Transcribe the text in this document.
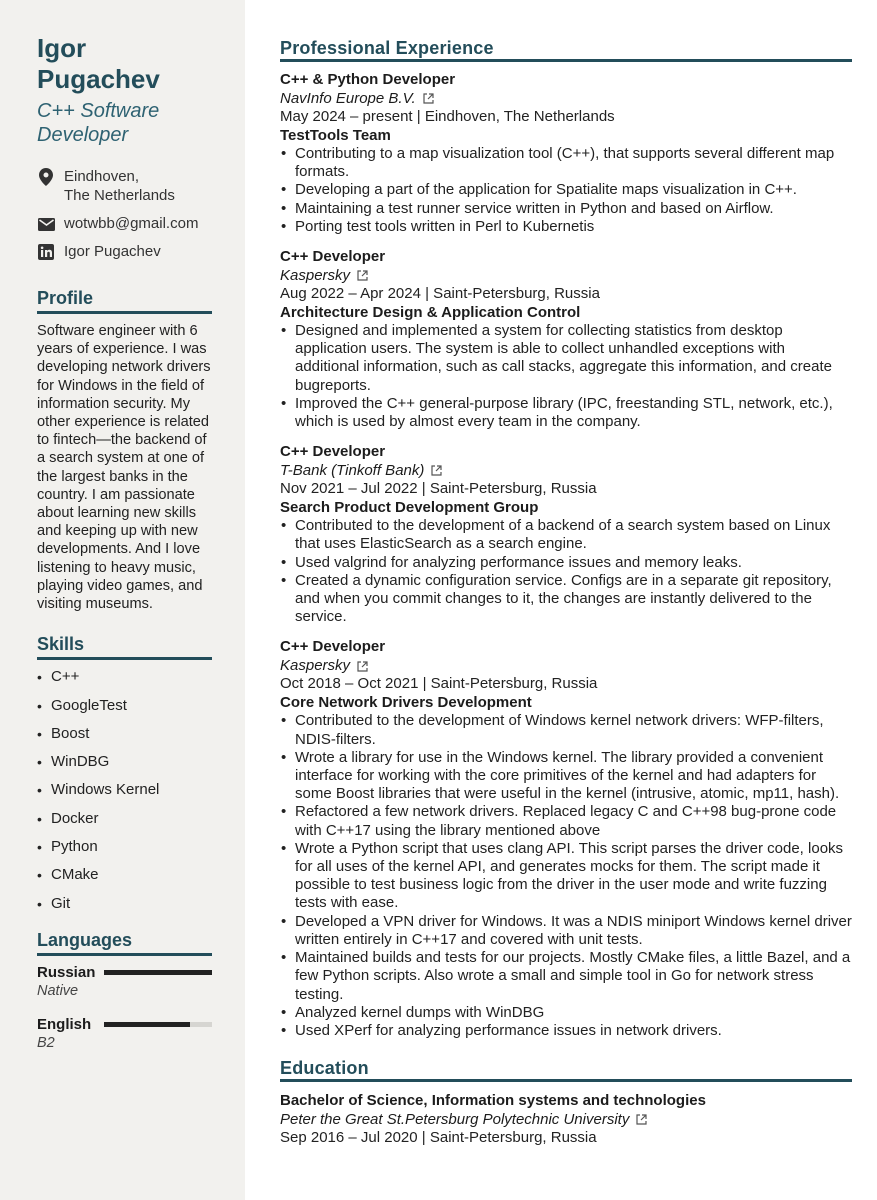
Igor
Pugachev
C++ Software
Developer
Eindhoven,
The Netherlands
wotwbb@gmail.com
Igor Pugachev
Profile
Software engineer with 6 years of experience. I was developing network drivers for Windows in the field of information security. My other experience is related to fintech—the backend of a search system at one of the largest banks in the country. I am passionate about learning new skills and keeping up with new developments. And I love listening to heavy music, playing video games, and visiting museums.
Skills
• C++
• GoogleTest
• Boost
• WinDBG
• Windows Kernel
• Docker
• Python
• CMake
• Git
Languages
Russian
Native
English
B2
Professional Experience
C++ & Python Developer
NavInfo Europe B.V.
May 2024 – present | Eindhoven, The Netherlands
TestTools Team
• Contributing to a map visualization tool (C++), that supports several different map formats.
• Developing a part of the application for Spatialite maps visualization in C++.
• Maintaining a test runner service written in Python and based on Airflow.
• Porting test tools written in Perl to Kubernetis
C++ Developer
Kaspersky
Aug 2022 – Apr 2024 | Saint-Petersburg, Russia
Architecture Design & Application Control
• Designed and implemented a system for collecting statistics from desktop application users. The system is able to collect unhandled exceptions with additional information, such as call stacks, aggregate this information, and create bugreports.
• Improved the C++ general-purpose library (IPC, freestanding STL, network, etc.), which is used by almost every team in the company.
C++ Developer
T-Bank (Tinkoff Bank)
Nov 2021 – Jul 2022 | Saint-Petersburg, Russia
Search Product Development Group
• Contributed to the development of a backend of a search system based on Linux that uses ElasticSearch as a search engine.
• Used valgrind for analyzing performance issues and memory leaks.
• Created a dynamic configuration service. Configs are in a separate git repository, and when you commit changes to it, the changes are instantly delivered to the service.
C++ Developer
Kaspersky
Oct 2018 – Oct 2021 | Saint-Petersburg, Russia
Core Network Drivers Development
• Contributed to the development of Windows kernel network drivers: WFP-filters, NDIS-filters.
• Wrote a library for use in the Windows kernel. The library provided a convenient interface for working with the core primitives of the kernel and had adapters for some Boost libraries that were useful in the kernel (intrusive, atomic, mp11, hash).
• Refactored a few network drivers. Replaced legacy C and C++98 bug-prone code with C++17 using the library mentioned above
• Wrote a Python script that uses clang API. This script parses the driver code, looks for all uses of the kernel API, and generates mocks for them. The script made it possible to test business logic from the driver in the user mode and write fuzzing tests with ease.
• Developed a VPN driver for Windows. It was a NDIS miniport Windows kernel driver written entirely in C++17 and covered with unit tests.
• Maintained builds and tests for our projects. Mostly CMake files, a little Bazel, and a few Python scripts. Also wrote a small and simple tool in Go for network stress testing.
• Analyzed kernel dumps with WinDBG
• Used XPerf for analyzing performance issues in network drivers.
Education
Bachelor of Science, Information systems and technologies
Peter the Great St.Petersburg Polytechnic University
Sep 2016 – Jul 2020 | Saint-Petersburg, Russia
